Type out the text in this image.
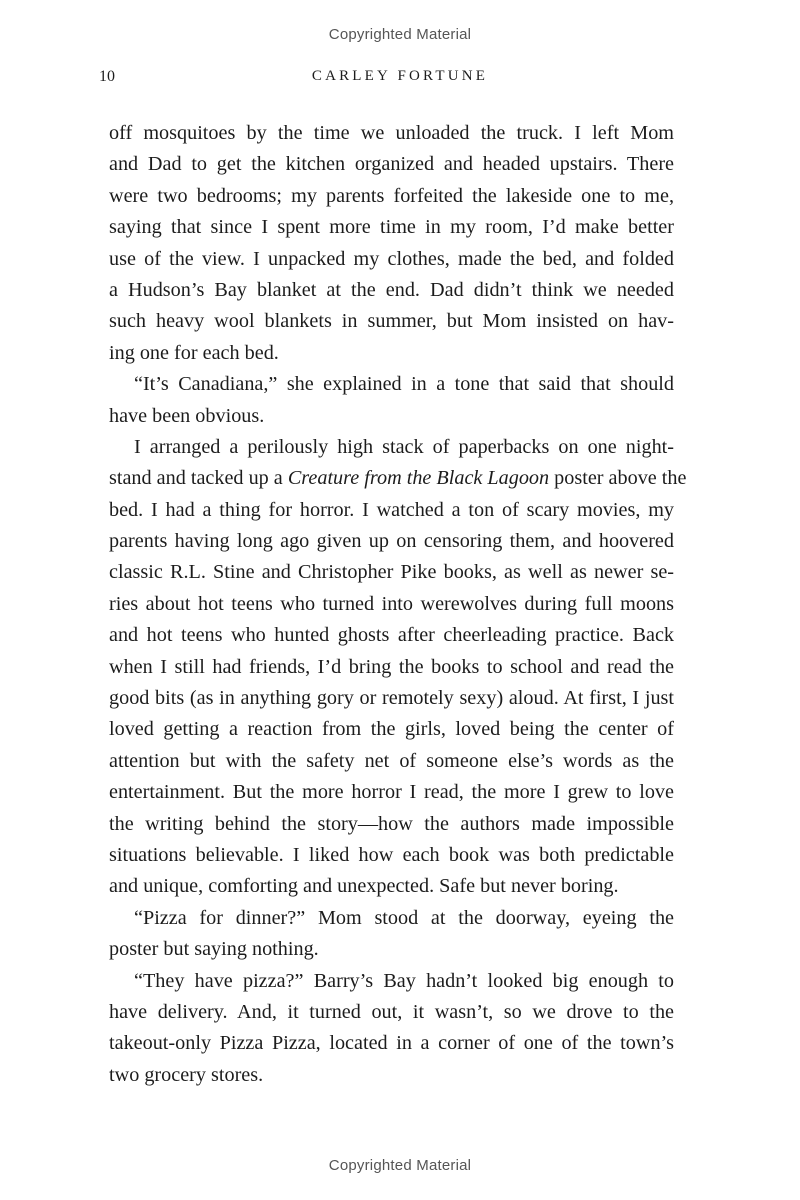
Copyrighted Material
10	CARLEY FORTUNE
off mosquitoes by the time we unloaded the truck. I left Mom
and Dad to get the kitchen organized and headed upstairs. There
were two bedrooms; my parents forfeited the lakeside one to me,
saying that since I spent more time in my room, I’d make better
use of the view. I unpacked my clothes, made the bed, and folded
a Hudson’s Bay blanket at the end. Dad didn’t think we needed
such heavy wool blankets in summer, but Mom insisted on hav-
ing one for each bed.
“It’s Canadiana,” she explained in a tone that said that should
have been obvious.
I arranged a perilously high stack of paperbacks on one night-
stand and tacked up a Creature from the Black Lagoon poster above the
bed. I had a thing for horror. I watched a ton of scary movies, my
parents having long ago given up on censoring them, and hoovered
classic R.L. Stine and Christopher Pike books, as well as newer se-
ries about hot teens who turned into werewolves during full moons
and hot teens who hunted ghosts after cheerleading practice. Back
when I still had friends, I’d bring the books to school and read the
good bits (as in anything gory or remotely sexy) aloud. At first, I just
loved getting a reaction from the girls, loved being the center of
attention but with the safety net of someone else’s words as the
entertainment. But the more horror I read, the more I grew to love
the writing behind the story—how the authors made impossible
situations believable. I liked how each book was both predictable
and unique, comforting and unexpected. Safe but never boring.
“Pizza for dinner?” Mom stood at the doorway, eyeing the
poster but saying nothing.
“They have pizza?” Barry’s Bay hadn’t looked big enough to
have delivery. And, it turned out, it wasn’t, so we drove to the
takeout-only Pizza Pizza, located in a corner of one of the town’s
two grocery stores.
Copyrighted Material
